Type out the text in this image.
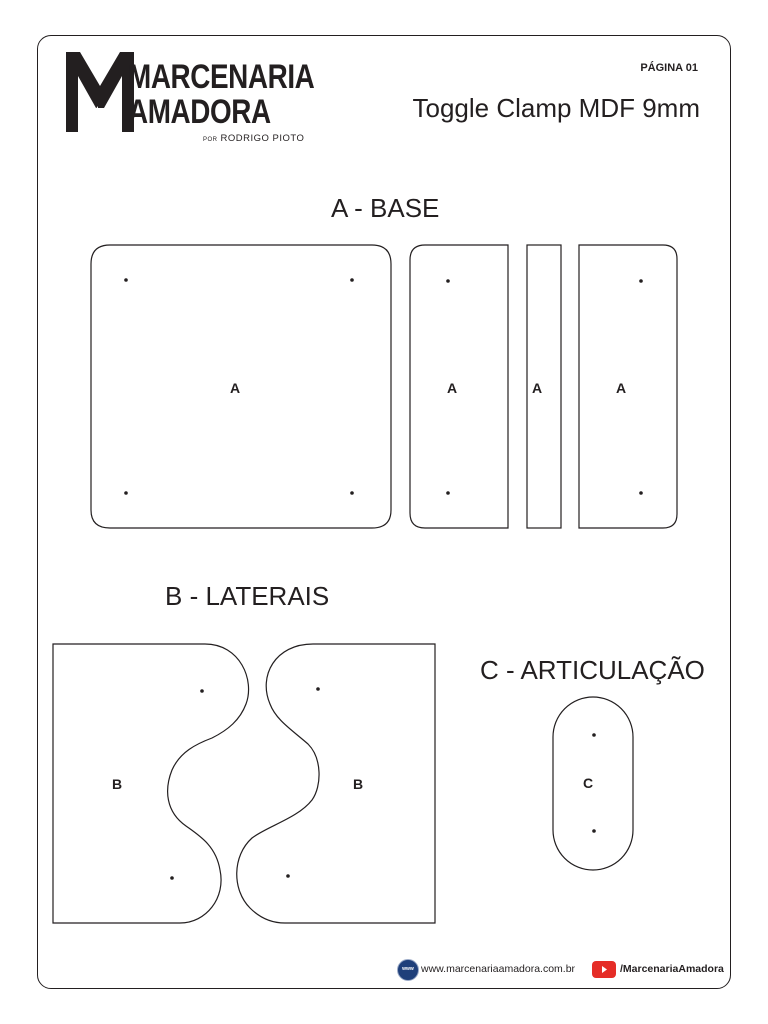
MARCENARIA
AMADORA
POR RODRIGO PIOTO
PÁGINA 01
Toggle Clamp MDF 9mm
A - BASE
B - LATERAIS
C - ARTICULAÇÃO
A	A	A	A
B	B	C
www www.marcenariaamadora.com.br	/MarcenariaAmadora
